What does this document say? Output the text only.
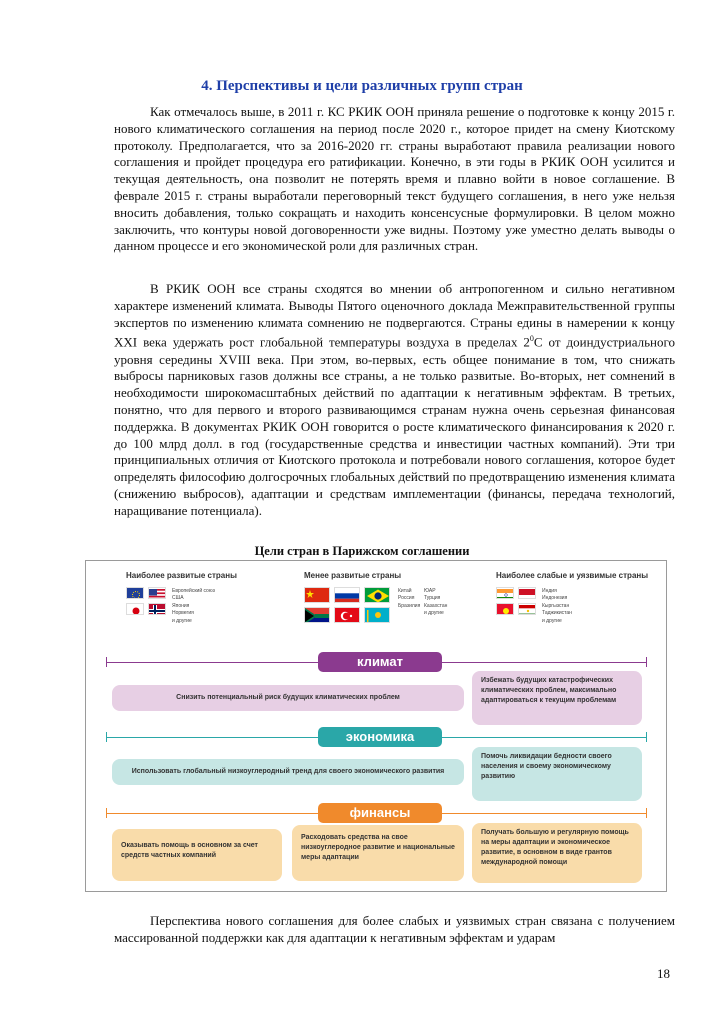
4. Перспективы и цели различных групп стран

Как отмечалось выше, в 2011 г. КС РКИК ООН приняла решение о подготовке к концу 2015 г. нового климатического соглашения на период после 2020 г., которое придет на смену Киотскому протоколу. Предполагается, что за 2016-2020 гг. страны выработают правила реализации нового соглашения и пройдет процедура его ратификации. Конечно, в эти годы в РКИК ООН усилится и текущая деятельность, она позволит не потерять время и плавно войти в новое соглашение. В феврале 2015 г. страны выработали переговорный текст будущего соглашения, в него уже нельзя вносить добавления, только сокращать и находить консенсусные формулировки. В целом можно заключить, что контуры новой договоренности уже видны. Поэтому уже уместно делать выводы о данном процессе и его экономической роли для различных стран.

В РКИК ООН все страны сходятся во мнении об антропогенном и сильно негативном характере изменений климата. Выводы Пятого оценочного доклада Межправительственной группы экспертов по изменению климата сомнению не подвергаются. Страны едины в намерении к концу XXI века удержать рост глобальной температуры воздуха в пределах $2^0С$ от доиндустриального уровня середины XVIII века. При этом, во-первых, есть общее понимание в том, что снижать выбросы парниковых газов должны все страны, а не только развитые. Во-вторых, нет сомнений в необходимости широкомасштабных действий по адаптации к негативным эффектам. В третьих, понятно, что для первого и второго развивающимся странам нужна очень серьезная финансовая поддержка. В документах РКИК ООН говорится о росте климатического финансирования к 2020 г. до 100 млрд долл. в год (государственные средства и инвестиции частных компаний). Эти три принципиальных отличия от Киотского протокола и потребовали нового соглашения, которое будет определять философию долгосрочных глобальных действий по предотвращению изменения климата (снижению выбросов), адаптации и средствам имплементации (финансы, передача технологий, наращивание потенциала).

Цели стран в Парижском соглашении
Наиболее развитые страны
Европейский союз
США
Япония
Норвегия
и другие
Менее развитые страны
Китай
Россия
Бразилия
ЮАР
Турция
Казахстан
и другие
Наиболее слабые и уязвимые страны
Индия
Индонезия
Кыргызстан
Таджикистан
и другие
климат
Снизить потенциальный риск будущих климатических проблем
Избежать будущих катастрофических климатических проблем, максимально адаптироваться к текущим проблемам
экономика
Использовать глобальный низкоуглеродный тренд для своего экономического развития
Помочь ликвидации бедности своего населения и своему экономическому развитию
финансы
Оказывать помощь в основном за счет средств частных компаний
Расходовать средства на свое низкоуглеродное развитие и национальные меры адаптации
Получать большую и регулярную помощь на меры адаптации и экономическое развитие, в основном в виде грантов международной помощи

Перспектива нового соглашения для более слабых и уязвимых стран связана с получением массированной поддержки как для адаптации к негативным эффектам и ударам

18
